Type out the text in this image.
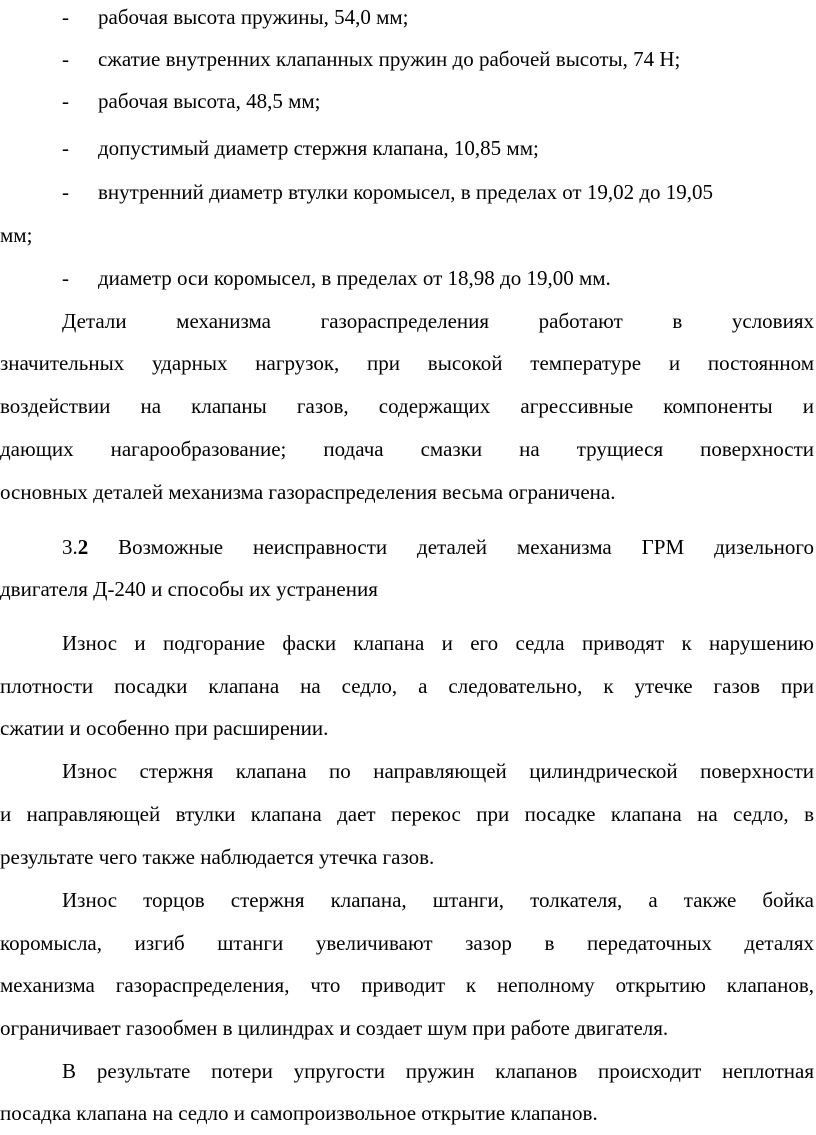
- рабочая высота пружины, 54,0 мм;
- сжатие внутренних клапанных пружин до рабочей высоты, 74 Н;
- рабочая высота, 48,5 мм;
- допустимый диаметр стержня клапана, 10,85 мм;
- внутренний диаметр втулки коромысел, в пределах от 19,02 до 19,05
мм;
- диаметр оси коромысел, в пределах от 18,98 до 19,00 мм.
Детали механизма газораспределения работают в условиях
значительных ударных нагрузок, при высокой температуре и постоянном
воздействии на клапаны газов, содержащих агрессивные компоненты и
дающих нагарообразование; подача смазки на трущиеся поверхности
основных деталей механизма газораспределения весьма ограничена.
3.2 Возможные неисправности деталей механизма ГРМ дизельного
двигателя Д-240 и способы их устранения
Износ и подгорание фаски клапана и его седла приводят к нарушению
плотности посадки клапана на седло, а следовательно, к утечке газов при
сжатии и особенно при расширении.
Износ стержня клапана по направляющей цилиндрической поверхности
и направляющей втулки клапана дает перекос при посадке клапана на седло, в
результате чего также наблюдается утечка газов.
Износ торцов стержня клапана, штанги, толкателя, а также бойка
коромысла, изгиб штанги увеличивают зазор в передаточных деталях
механизма газораспределения, что приводит к неполному открытию клапанов,
ограничивает газообмен в цилиндрах и создает шум при работе двигателя.
В результате потери упругости пружин клапанов происходит неплотная
посадка клапана на седло и самопроизвольное открытие клапанов.
